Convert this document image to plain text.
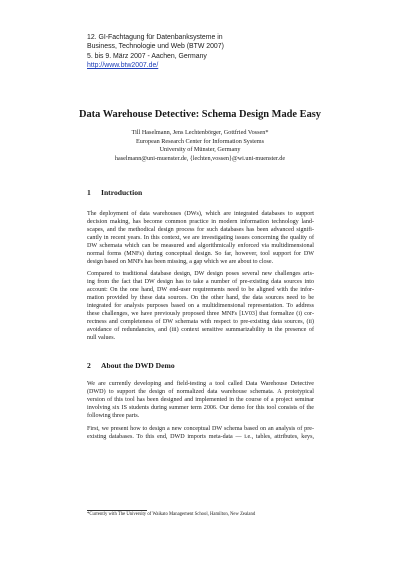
12. GI-Fachtagung für Datenbanksysteme in
Business, Technologie und Web (BTW 2007)
5. bis 9. März 2007 - Aachen, Germany
http://www.btw2007.de/
Data Warehouse Detective: Schema Design Made Easy
Till Haselmann, Jens Lechtenbörger, Gottfried Vossen*
European Research Center for Information Systems
University of Münster, Germany
haselmann@uni-muenster.de, {lechten,vossen}@wi.uni-muenster.de
1 Introduction
The deployment of data warehouses (DWs), which are integrated databases to support
decision making, has become common practice in modern information technology land-
scapes, and the methodical design process for such databases has been advanced signifi-
cantly in recent years. In this context, we are investigating issues concerning the quality of
DW schemata which can be measured and algorithmically enforced via multidimensional
normal forms (MNFs) during conceptual design. So far, however, tool support for DW
design based on MNFs has been missing, a gap which we are about to close.
Compared to traditional database design, DW design poses several new challenges aris-
ing from the fact that DW design has to take a number of pre-existing data sources into
account: On the one hand, DW end-user requirements need to be aligned with the infor-
mation provided by these data sources. On the other hand, the data sources need to be
integrated for analysis purposes based on a multidimensional representation. To address
these challenges, we have previously proposed three MNFs [LV03] that formalize (i) cor-
rectness and completeness of DW schemata with respect to pre-existing data sources, (ii)
avoidance of redundancies, and (iii) context sensitive summarizability in the presence of
null values.
2 About the DWD Demo
We are currently developing and field-testing a tool called Data Warehouse Detective
(DWD) to support the design of normalized data warehouse schemata. A prototypical
version of this tool has been designed and implemented in the course of a project seminar
involving six IS students during summer term 2006. Our demo for this tool consists of the
following three parts.
First, we present how to design a new conceptual DW schema based on an analysis of pre-
existing databases. To this end, DWD imports meta-data — i.e., tables, attributes, keys,
*Currently with The University of Waikato Management School, Hamilton, New Zealand
